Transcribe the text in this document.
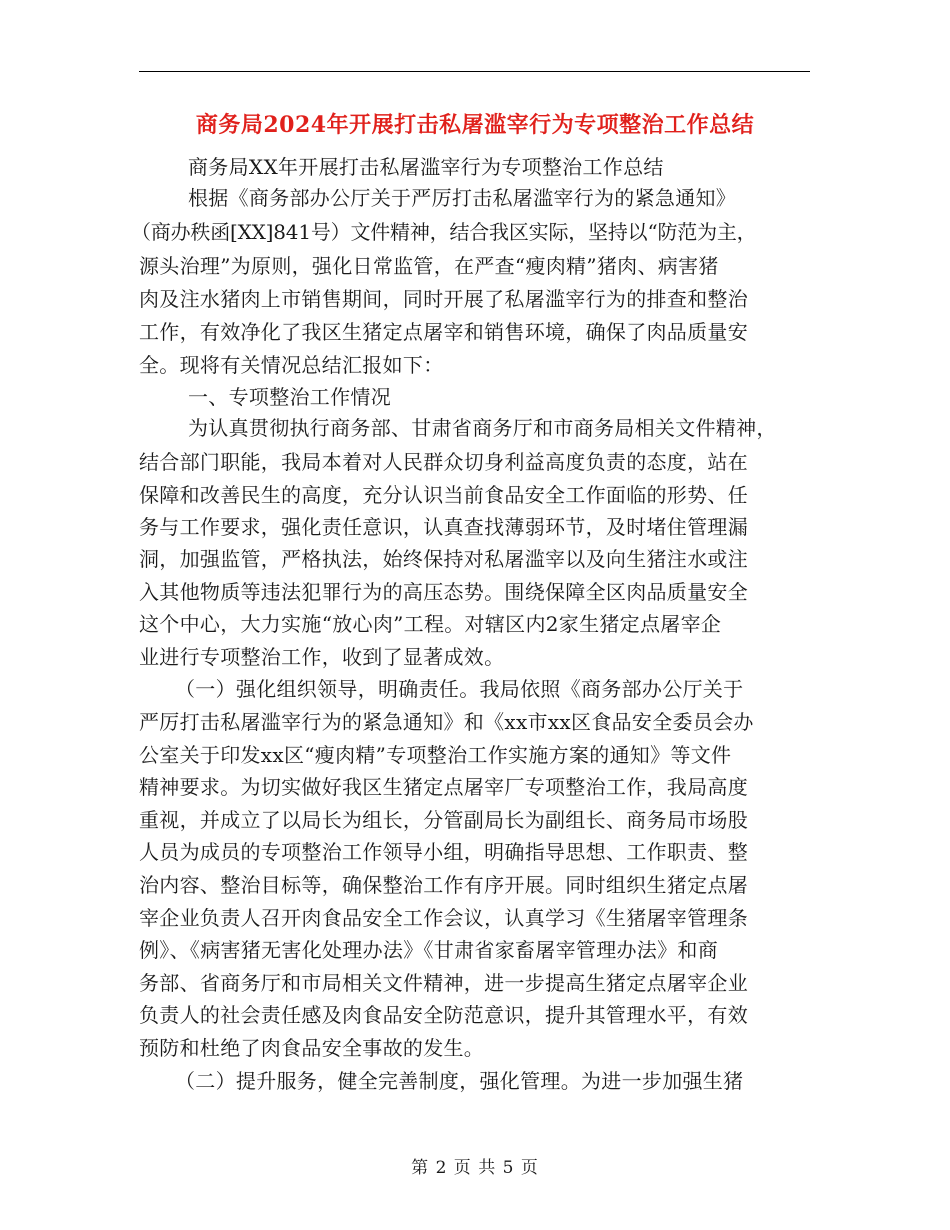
商务局2024年开展打击私屠滥宰行为专项整治工作总结
商务局XX年开展打击私屠滥宰行为专项整治工作总结
根据《商务部办公厅关于严厉打击私屠滥宰行为的紧急通知》
（商办秩函[XX]841号）文件精神，结合我区实际，坚持以“防范为主，
源头治理”为原则，强化日常监管，在严查“瘦肉精”猪肉、病害猪
肉及注水猪肉上市销售期间，同时开展了私屠滥宰行为的排查和整治
工作，有效净化了我区生猪定点屠宰和销售环境，确保了肉品质量安
全。现将有关情况总结汇报如下：
一、专项整治工作情况
为认真贯彻执行商务部、甘肃省商务厅和市商务局相关文件精神，
结合部门职能，我局本着对人民群众切身利益高度负责的态度，站在
保障和改善民生的高度，充分认识当前食品安全工作面临的形势、任
务与工作要求，强化责任意识，认真查找薄弱环节，及时堵住管理漏
洞，加强监管，严格执法，始终保持对私屠滥宰以及向生猪注水或注
入其他物质等违法犯罪行为的高压态势。围绕保障全区肉品质量安全
这个中心，大力实施“放心肉”工程。对辖区内2家生猪定点屠宰企
业进行专项整治工作，收到了显著成效。
（一）强化组织领导，明确责任。我局依照《商务部办公厅关于
严厉打击私屠滥宰行为的紧急通知》和《xx市xx区食品安全委员会办
公室关于印发xx区“瘦肉精”专项整治工作实施方案的通知》等文件
精神要求。为切实做好我区生猪定点屠宰厂专项整治工作，我局高度
重视，并成立了以局长为组长，分管副局长为副组长、商务局市场股
人员为成员的专项整治工作领导小组，明确指导思想、工作职责、整
治内容、整治目标等，确保整治工作有序开展。同时组织生猪定点屠
宰企业负责人召开肉食品安全工作会议，认真学习《生猪屠宰管理条
例》、《病害猪无害化处理办法》《甘肃省家畜屠宰管理办法》和商
务部、省商务厅和市局相关文件精神，进一步提高生猪定点屠宰企业
负责人的社会责任感及肉食品安全防范意识，提升其管理水平，有效
预防和杜绝了肉食品安全事故的发生。
（二）提升服务，健全完善制度，强化管理。为进一步加强生猪
第 2 页 共 5 页
